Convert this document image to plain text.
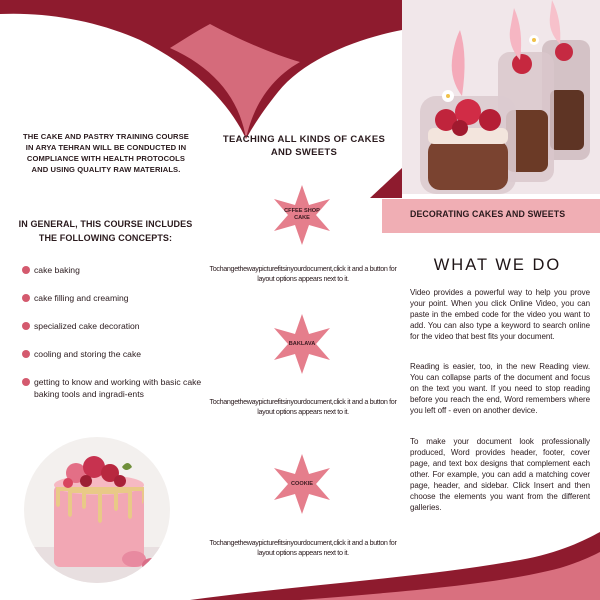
THE CAKE AND PASTRY TRAINING COURSE IN ARYA TEHRAN WILL BE CONDUCTED IN COMPLIANCE WITH HEALTH PROTOCOLS AND USING QUALITY RAW MATERIALS.
IN GENERAL, THIS COURSE INCLUDES THE FOLLOWING CONCEPTS:
cake baking
cake filling and creaming
specialized cake decoration
cooling and storing the cake
getting to know and working with basic cake baking tools and ingradi-ents
TEACHING ALL KINDS OF CAKES AND SWEETS
CFFEE SHOP CAKE
Tochangethewaypicturefitsinyourdocument,click it and a button for layout options appears next to it.
BAKLAVA
Tochangethewaypicturefitsinyourdocument,click it and a button for layout options appears next to it.
COOKIE
Tochangethewaypicturefitsinyourdocument,click it and a button for layout options appears next to it.
DECORATING CAKES AND SWEETS
WHAT WE DO
Video provides a powerful way to help you prove your point. When you click Online Video, you can paste in the embed code for the video you want to add. You can also type a keyword to search online for the video that best fits your document.
Reading is easier, too, in the new Reading view. You can collapse parts of the document and focus on the text you want. If you need to stop reading before you reach the end, Word remembers where you left off - even on another device.
To make your document look professionally produced, Word provides header, footer, cover page, and text box designs that complement each other. For example, you can add a matching cover page, header, and sidebar. Click Insert and then choose the elements you want from the different galleries.
